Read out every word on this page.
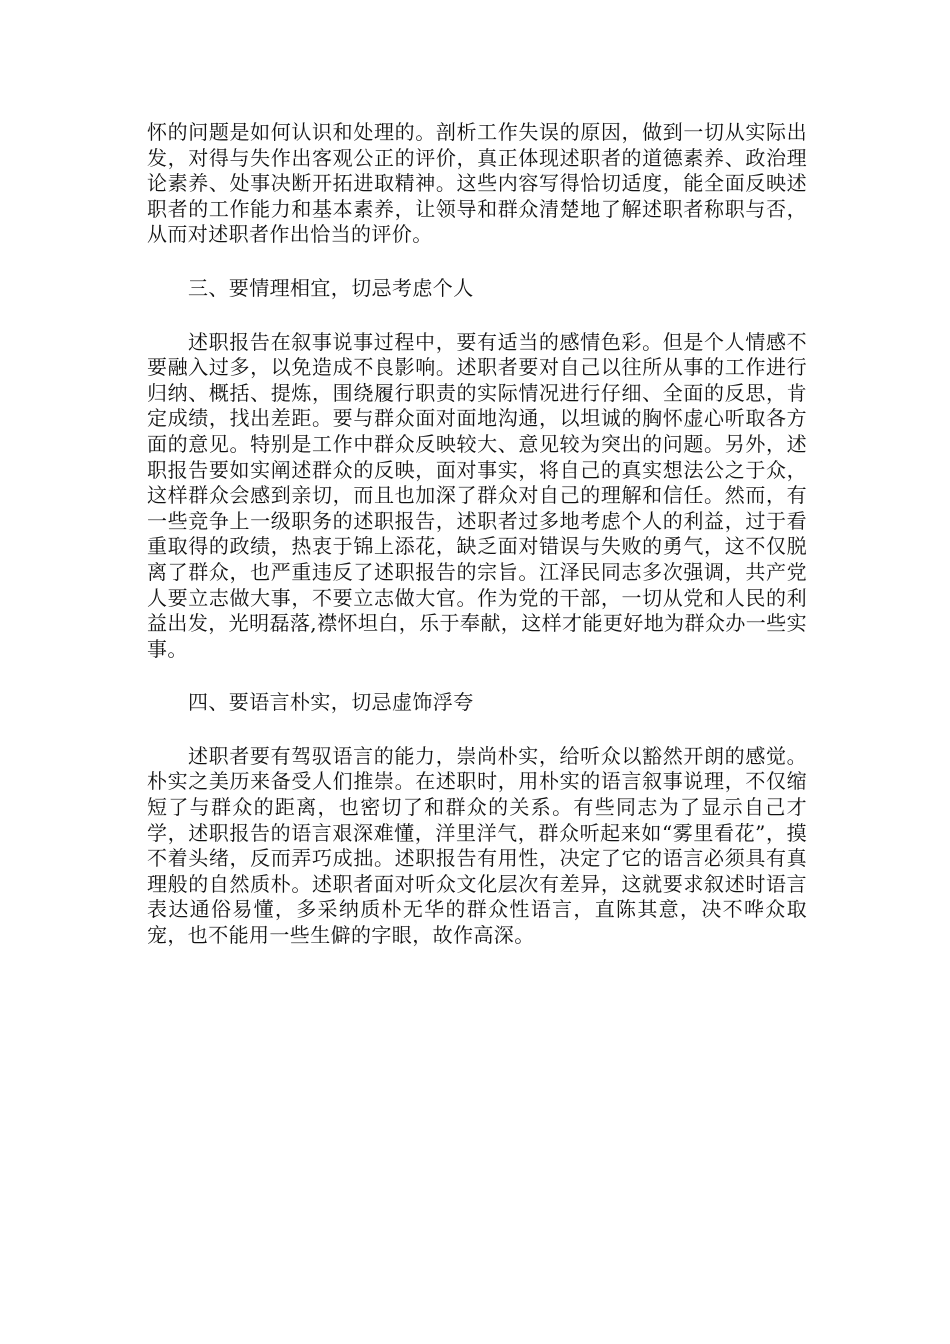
怀的问题是如何认识和处理的。剖析工作失误的原因，做到一切从实际出发，对得与失作出客观公正的评价，真正体现述职者的道德素养、政治理论素养、处事决断开拓进取精神。这些内容写得恰切适度，能全面反映述职者的工作能力和基本素养，让领导和群众清楚地了解述职者称职与否，从而对述职者作出恰当的评价。

三、要情理相宜，切忌考虑个人

述职报告在叙事说事过程中，要有适当的感情色彩。但是个人情感不要融入过多，以免造成不良影响。述职者要对自己以往所从事的工作进行归纳、概括、提炼，围绕履行职责的实际情况进行仔细、全面的反思，肯定成绩，找出差距。要与群众面对面地沟通，以坦诚的胸怀虚心听取各方面的意见。特别是工作中群众反映较大、意见较为突出的问题。另外，述职报告要如实阐述群众的反映，面对事实，将自己的真实想法公之于众，这样群众会感到亲切，而且也加深了群众对自己的理解和信任。然而，有一些竞争上一级职务的述职报告，述职者过多地考虑个人的利益，过于看重取得的政绩，热衷于锦上添花，缺乏面对错误与失败的勇气，这不仅脱离了群众，也严重违反了述职报告的宗旨。江泽民同志多次强调，共产党人要立志做大事，不要立志做大官。作为党的干部，一切从党和人民的利益出发，光明磊落,襟怀坦白，乐于奉献，这样才能更好地为群众办一些实事。

四、要语言朴实，切忌虚饰浮夸

述职者要有驾驭语言的能力，崇尚朴实，给听众以豁然开朗的感觉。朴实之美历来备受人们推崇。在述职时，用朴实的语言叙事说理，不仅缩短了与群众的距离，也密切了和群众的关系。有些同志为了显示自己才学，述职报告的语言艰深难懂，洋里洋气，群众听起来如“雾里看花”，摸不着头绪，反而弄巧成拙。述职报告有用性，决定了它的语言必须具有真理般的自然质朴。述职者面对听众文化层次有差异，这就要求叙述时语言表达通俗易懂，多采纳质朴无华的群众性语言，直陈其意，决不哗众取宠，也不能用一些生僻的字眼，故作高深。
